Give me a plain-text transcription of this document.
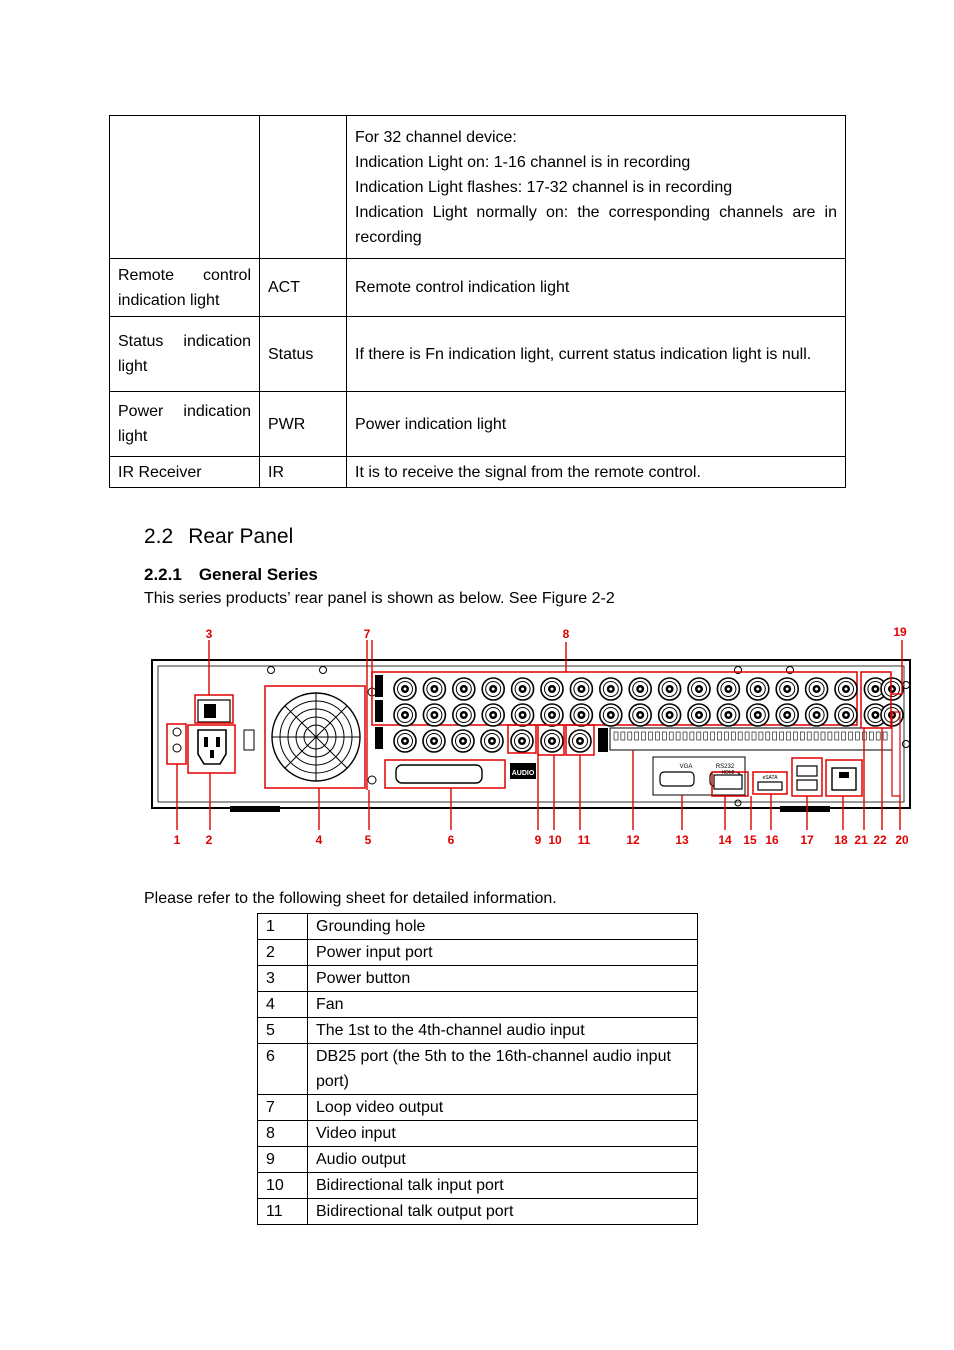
		For 32 channel device:
Indication Light on: 1-16 channel is in recording
Indication Light flashes: 17-32 channel is in recording
Indication Light normally on: the corresponding channels are in recording

Remote control indication light	ACT	Remote control indication light
Status indication light	Status	If there is Fn indication light, current status indication light is null.
Power indication light	PWR	Power indication light
IR Receiver	IR	It is to receive the signal from the remote control.
2.2 Rear Panel
2.2.1 General Series
This series products’ rear panel is shown as below. See Figure 2-2
AUDIO
VGA	RS232
HDMI
eSATA
3	7	8	19
1 2	4	5	6	9 10 11	12	13 14 15 16 17 18 21 22 20
Please refer to the following sheet for detailed information.
1	Grounding hole
2	Power input port
3	Power button
4	Fan
5	The 1st to the 4th-channel audio input
6	DB25 port (the 5th to the 16th-channel audio input port)
7	Loop video output
8	Video input
9	Audio output
10	Bidirectional talk input port
11	Bidirectional talk output port
